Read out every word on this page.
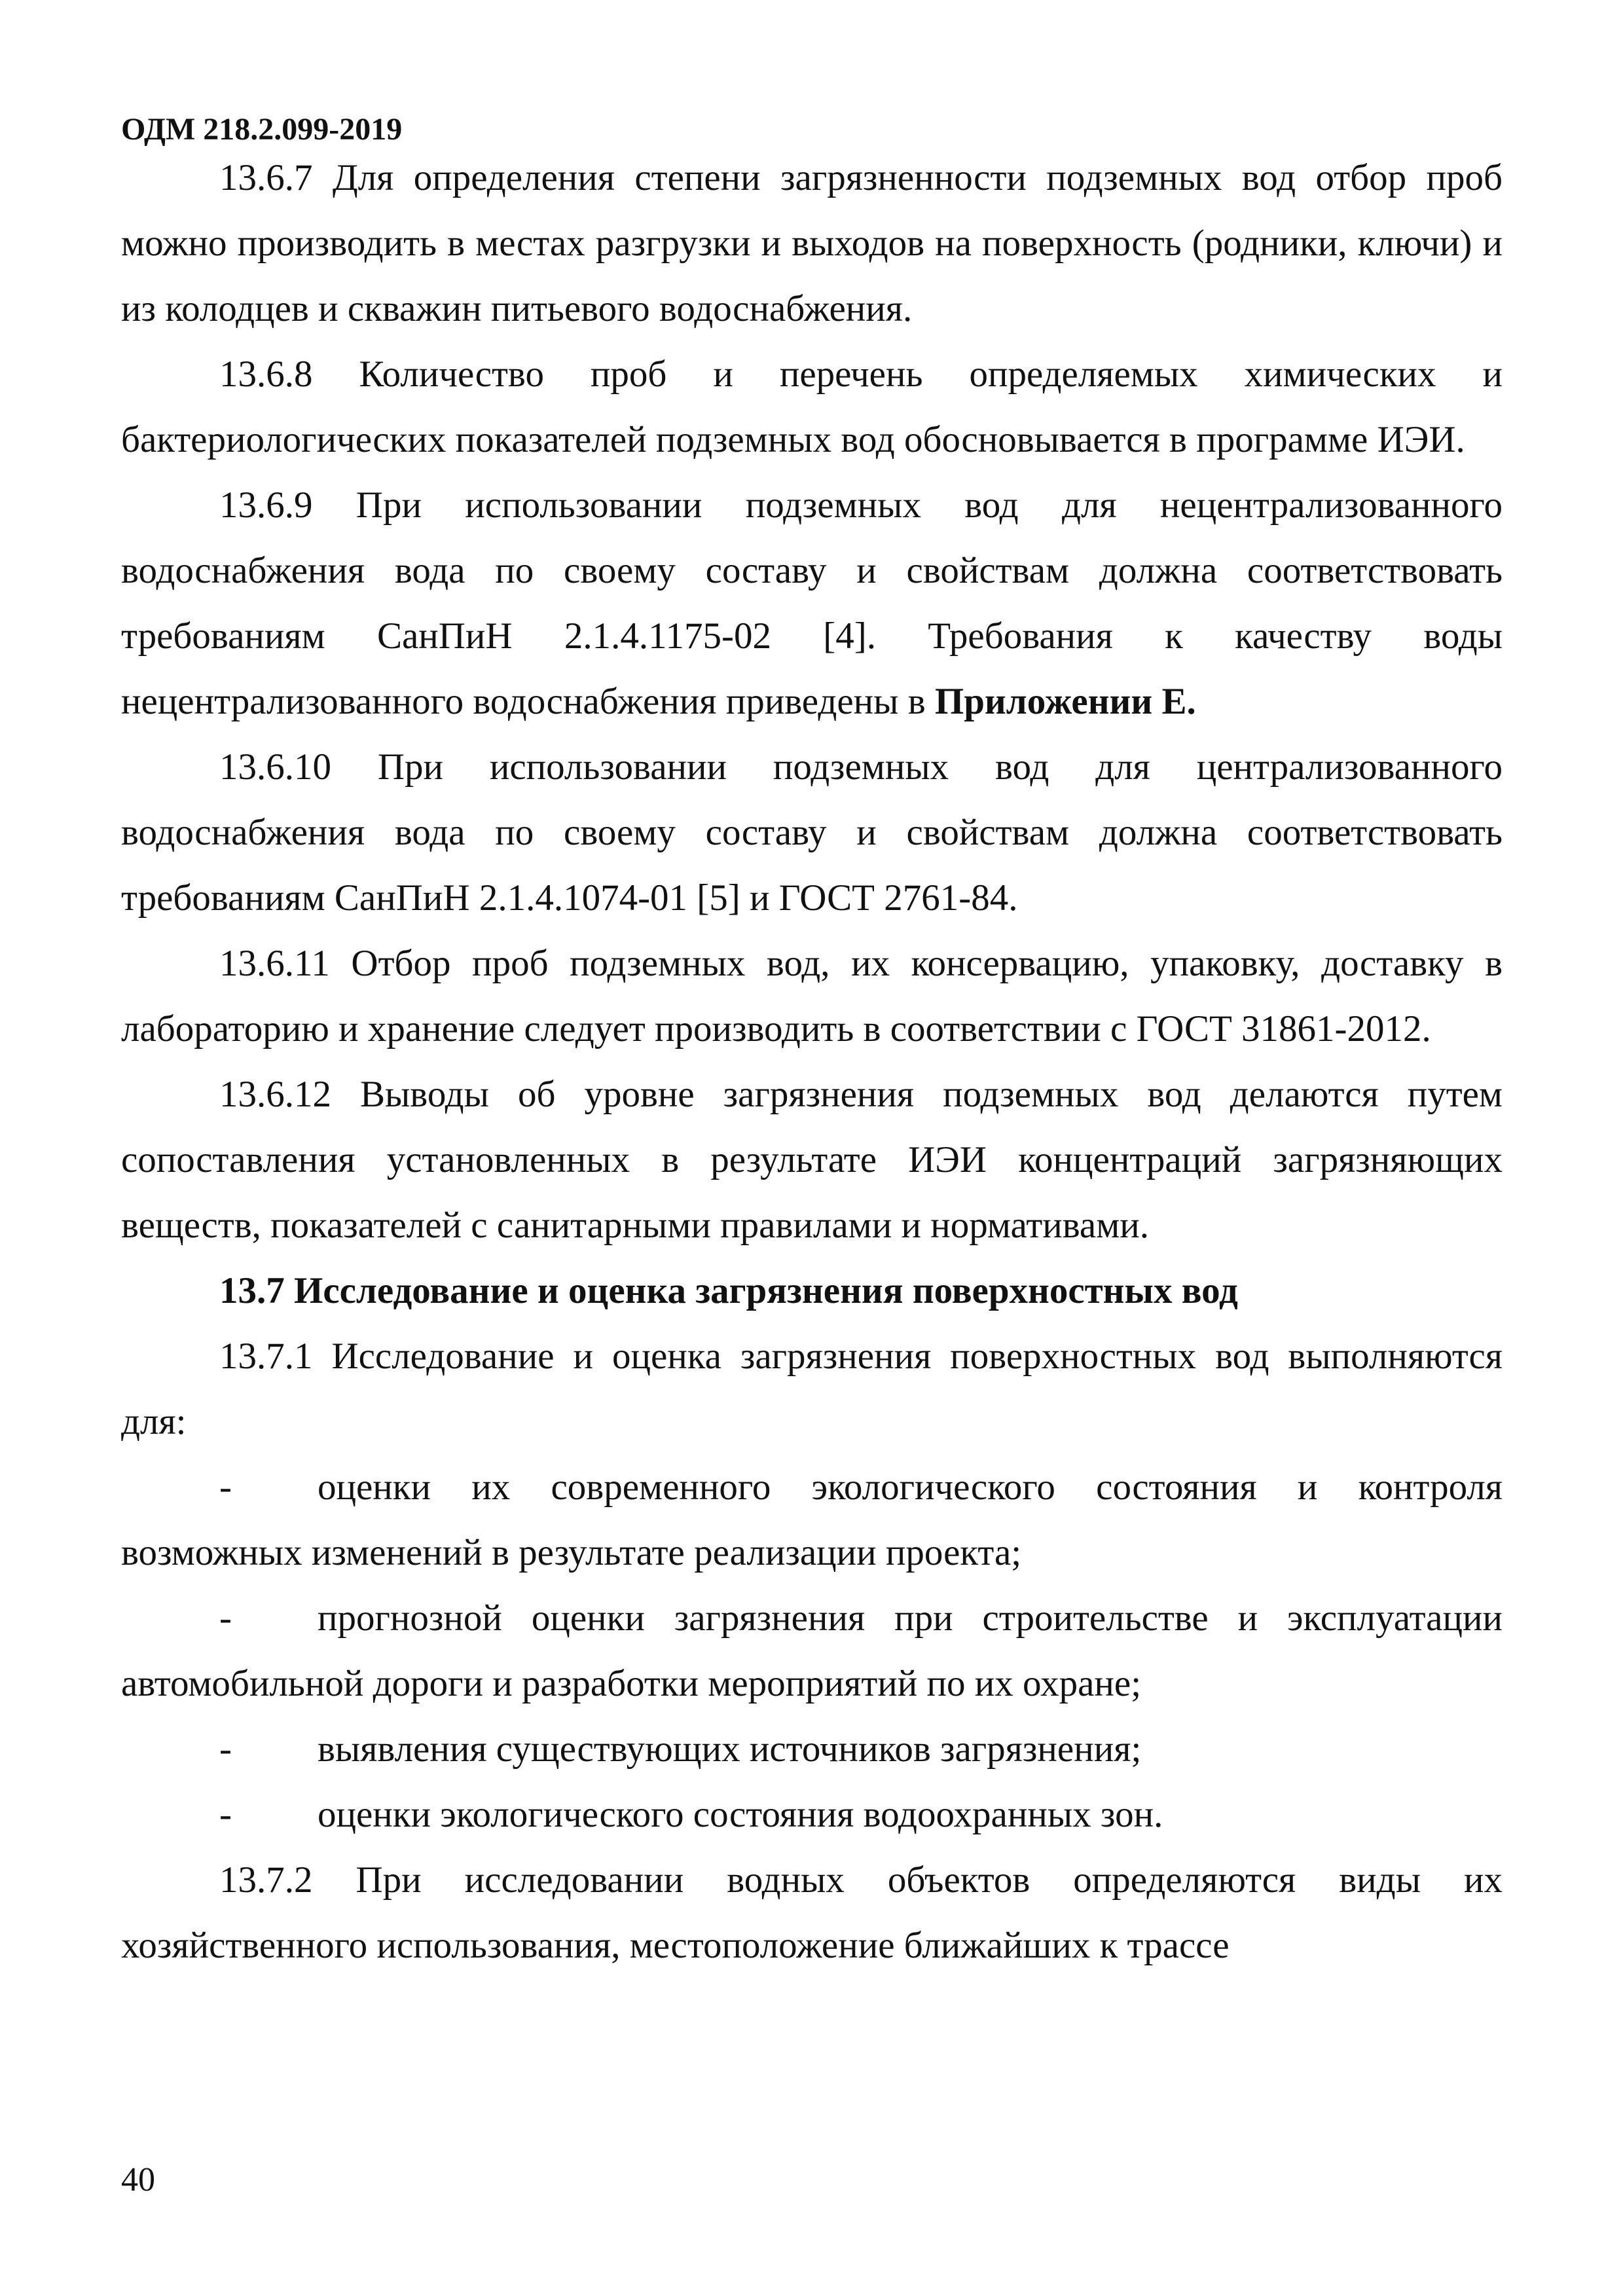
ОДМ 218.2.099-2019

13.6.7 Для определения степени загрязненности подземных вод отбор проб можно производить в местах разгрузки и выходов на поверхность (родники, ключи) и из колодцев и скважин питьевого водоснабжения.

13.6.8 Количество проб и перечень определяемых химических и бактериологических показателей подземных вод обосновывается в программе ИЭИ.

13.6.9 При использовании подземных вод для нецентрализованного водоснабжения вода по своему составу и свойствам должна соответствовать требованиям СанПиН 2.1.4.1175-02 [4]. Требования к качеству воды нецентрализованного водоснабжения приведены в Приложении Е.

13.6.10 При использовании подземных вод для централизованного водоснабжения вода по своему составу и свойствам должна соответствовать требованиям СанПиН 2.1.4.1074-01 [5] и ГОСТ 2761-84.

13.6.11 Отбор проб подземных вод, их консервацию, упаковку, доставку в лабораторию и хранение следует производить в соответствии с ГОСТ 31861-2012.

13.6.12 Выводы об уровне загрязнения подземных вод делаются путем сопоставления установленных в результате ИЭИ концентраций загрязняющих веществ, показателей с санитарными правилами и нормативами.

13.7 Исследование и оценка загрязнения поверхностных вод

13.7.1 Исследование и оценка загрязнения поверхностных вод выполняются для:

- оценки их современного экологического состояния и контроля возможных изменений в результате реализации проекта;

- прогнозной оценки загрязнения при строительстве и эксплуатации автомобильной дороги и разработки мероприятий по их охране;

- выявления существующих источников загрязнения;

- оценки экологического состояния водоохранных зон.

13.7.2 При исследовании водных объектов определяются виды их хозяйственного использования, местоположение ближайших к трассе

40
